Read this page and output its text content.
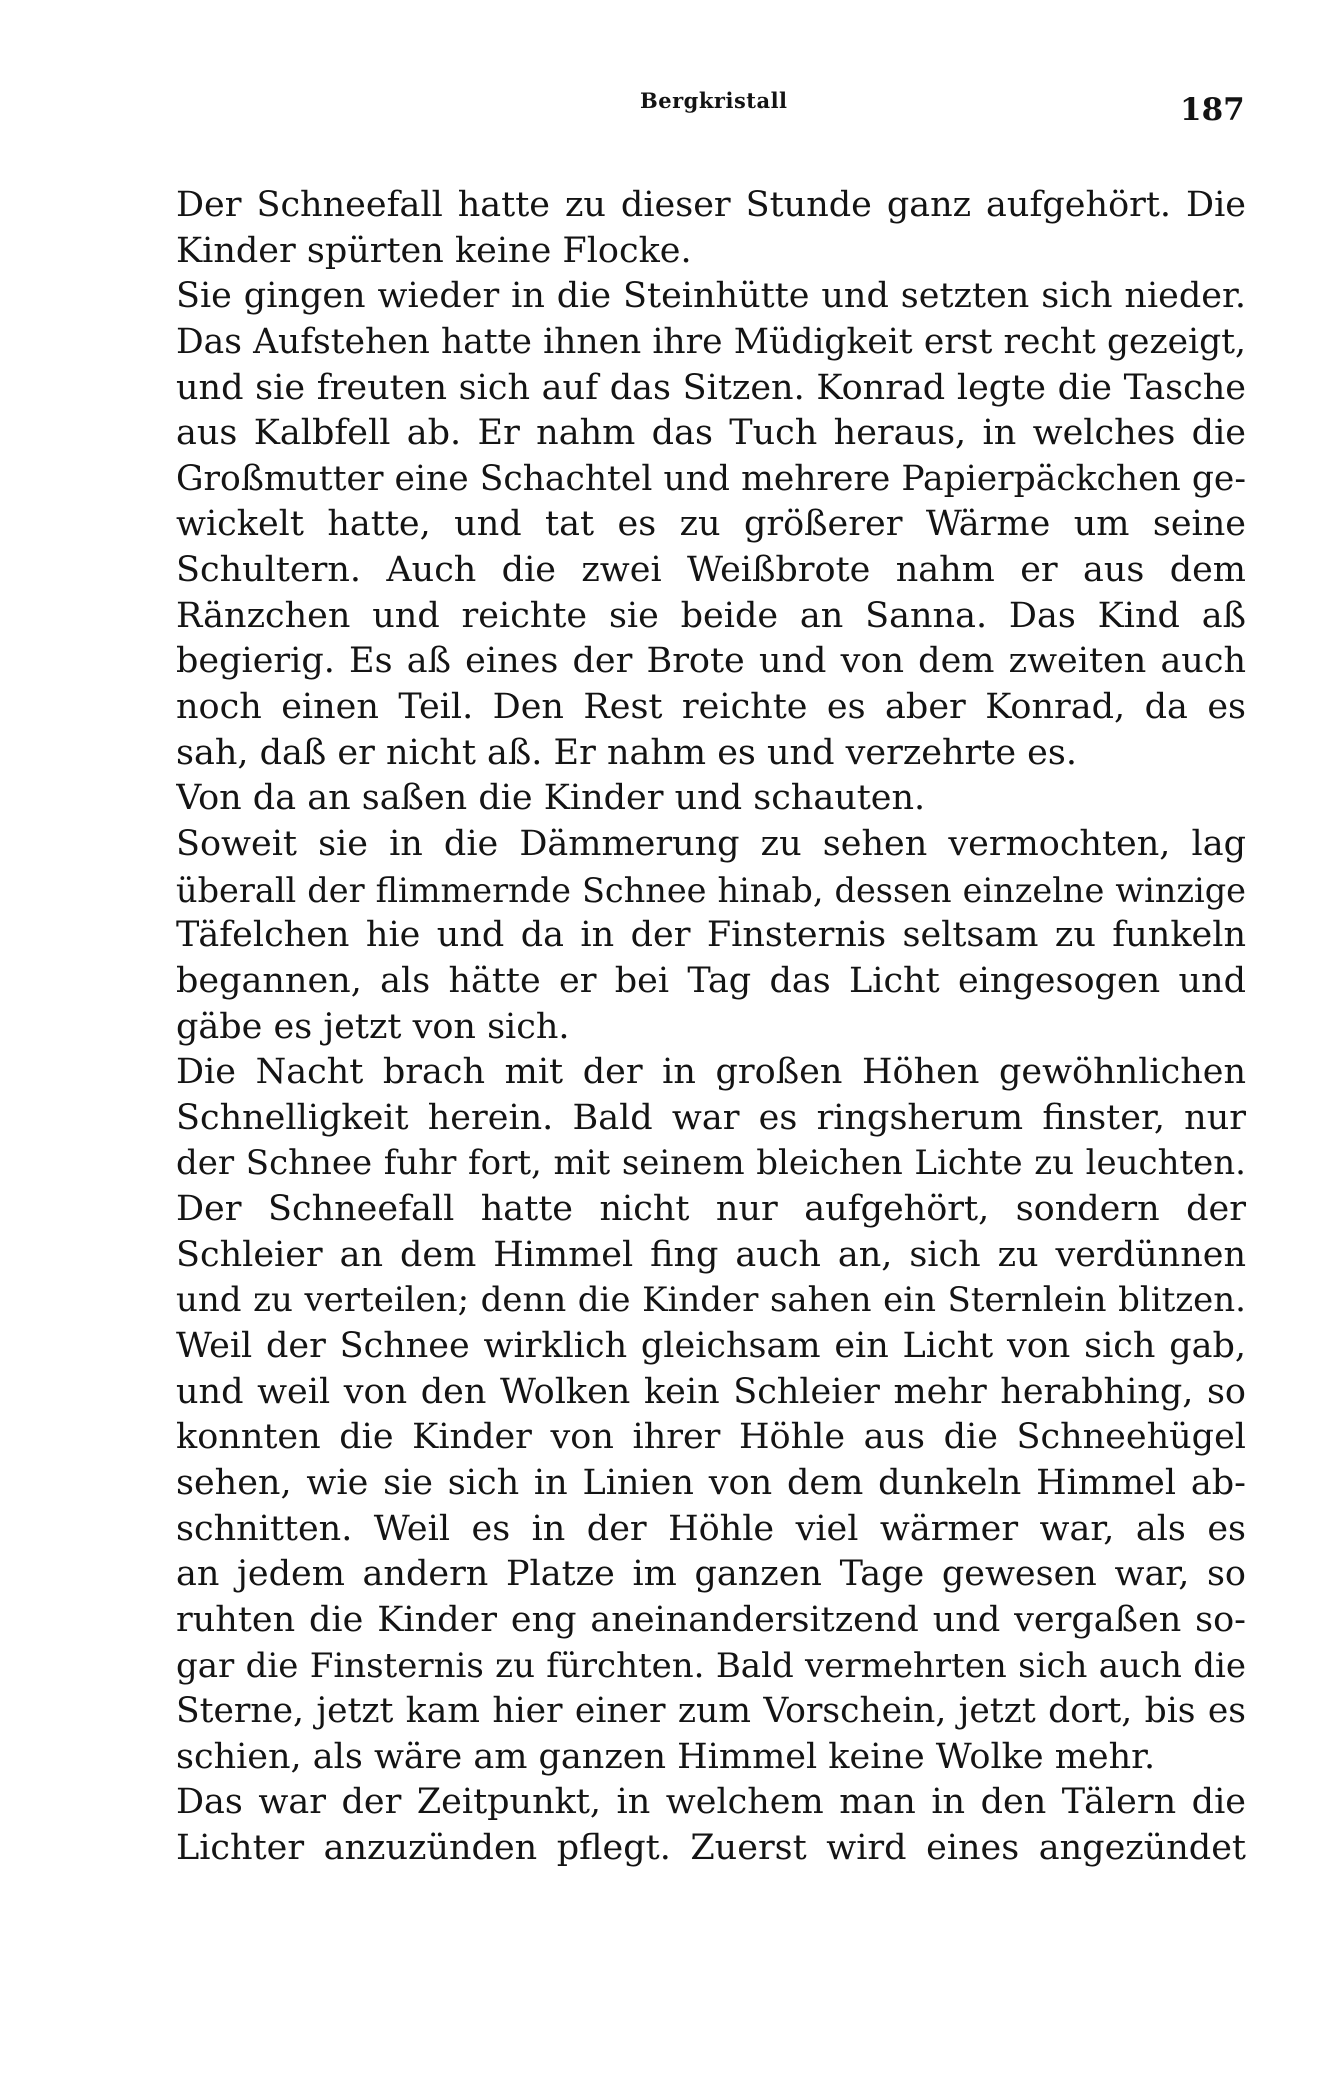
Bergkristall	187
Der Schneefall hatte zu dieser Stunde ganz aufgehört. Die
Kinder spürten keine Flocke.
Sie gingen wieder in die Steinhütte und setzten sich nieder.
Das Aufstehen hatte ihnen ihre Müdigkeit erst recht gezeigt,
und sie freuten sich auf das Sitzen. Konrad legte die Tasche
aus Kalbfell ab. Er nahm das Tuch heraus, in welches die
Großmutter eine Schachtel und mehrere Papierpäckchen ge-
wickelt hatte, und tat es zu größerer Wärme um seine
Schultern. Auch die zwei Weißbrote nahm er aus dem
Ränzchen und reichte sie beide an Sanna. Das Kind aß
begierig. Es aß eines der Brote und von dem zweiten auch
noch einen Teil. Den Rest reichte es aber Konrad, da es
sah, daß er nicht aß. Er nahm es und verzehrte es.
Von da an saßen die Kinder und schauten.
Soweit sie in die Dämmerung zu sehen vermochten, lag
überall der flimmernde Schnee hinab, dessen einzelne winzige
Täfelchen hie und da in der Finsternis seltsam zu funkeln
begannen, als hätte er bei Tag das Licht eingesogen und
gäbe es jetzt von sich.
Die Nacht brach mit der in großen Höhen gewöhnlichen
Schnelligkeit herein. Bald war es ringsherum finster, nur
der Schnee fuhr fort, mit seinem bleichen Lichte zu leuchten.
Der Schneefall hatte nicht nur aufgehört, sondern der
Schleier an dem Himmel fing auch an, sich zu verdünnen
und zu verteilen; denn die Kinder sahen ein Sternlein blitzen.
Weil der Schnee wirklich gleichsam ein Licht von sich gab,
und weil von den Wolken kein Schleier mehr herabhing, so
konnten die Kinder von ihrer Höhle aus die Schneehügel
sehen, wie sie sich in Linien von dem dunkeln Himmel ab-
schnitten. Weil es in der Höhle viel wärmer war, als es
an jedem andern Platze im ganzen Tage gewesen war, so
ruhten die Kinder eng aneinandersitzend und vergaßen so-
gar die Finsternis zu fürchten. Bald vermehrten sich auch die
Sterne, jetzt kam hier einer zum Vorschein, jetzt dort, bis es
schien, als wäre am ganzen Himmel keine Wolke mehr.
Das war der Zeitpunkt, in welchem man in den Tälern die
Lichter anzuzünden pflegt. Zuerst wird eines angezündet
